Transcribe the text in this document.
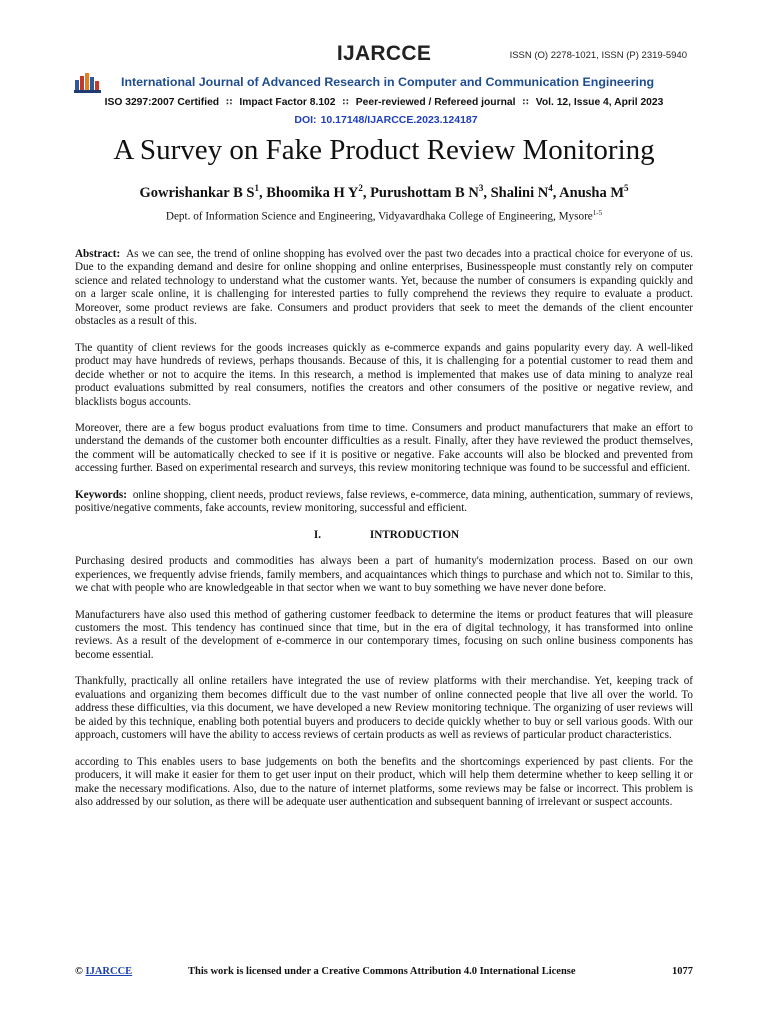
IJARCCE	ISSN (O) 2278-1021, ISSN (P) 2319-5940
International Journal of Advanced Research in Computer and Communication Engineering
ISO 3297:2007 Certified ∷ Impact Factor 8.102 ∷ Peer-reviewed / Refereed journal ∷ Vol. 12, Issue 4, April 2023
DOI: 10.17148/IJARCCE.2023.124187
A Survey on Fake Product Review Monitoring
Gowrishankar B $S^1$, Bhoomika H $Y^2$, Purushottam B $N^3$, Shalini $N^4$, Anusha $M^5$
Dept. of Information Science and Engineering, Vidyavardhaka College of Engineering, Mysore$^{1-5}$

Abstract: As we can see, the trend of online shopping has evolved over the past two decades into a practical choice for everyone of us. Due to the expanding demand and desire for online shopping and online enterprises, Businesspeople must constantly rely on computer science and related technology to understand what the customer wants. Yet, because the number of consumers is expanding quickly and on a larger scale online, it is challenging for interested parties to fully comprehend the reviews they require to evaluate a product. Moreover, some product reviews are fake. Consumers and product providers that seek to meet the demands of the client encounter obstacles as a result of this.

The quantity of client reviews for the goods increases quickly as e-commerce expands and gains popularity every day. A well-liked product may have hundreds of reviews, perhaps thousands. Because of this, it is challenging for a potential customer to read them and decide whether or not to acquire the items. In this research, a method is implemented that makes use of data mining to analyze real product evaluations submitted by real consumers, notifies the creators and other consumers of the positive or negative review, and blacklists bogus accounts.

Moreover, there are a few bogus product evaluations from time to time. Consumers and product manufacturers that make an effort to understand the demands of the customer both encounter difficulties as a result. Finally, after they have reviewed the product themselves, the comment will be automatically checked to see if it is positive or negative. Fake accounts will also be blocked and prevented from accessing further. Based on experimental research and surveys, this review monitoring technique was found to be successful and efficient.

Keywords: online shopping, client needs, product reviews, false reviews, e-commerce, data mining, authentication, summary of reviews, positive/negative comments, fake accounts, review monitoring, successful and efficient.

I.	INTRODUCTION

Purchasing desired products and commodities has always been a part of humanity's modernization process. Based on our own experiences, we frequently advise friends, family members, and acquaintances which things to purchase and which not to. Similar to this, we chat with people who are knowledgeable in that sector when we want to buy something we have never done before.

Manufacturers have also used this method of gathering customer feedback to determine the items or product features that will pleasure customers the most. This tendency has continued since that time, but in the era of digital technology, it has transformed into online reviews. As a result of the development of e-commerce in our contemporary times, focusing on such online business components has become essential.

Thankfully, practically all online retailers have integrated the use of review platforms with their merchandise. Yet, keeping track of evaluations and organizing them becomes difficult due to the vast number of online connected people that live all over the world. To address these difficulties, via this document, we have developed a new Review monitoring technique. The organizing of user reviews will be aided by this technique, enabling both potential buyers and producers to decide quickly whether to buy or sell various goods. With our approach, customers will have the ability to access reviews of certain products as well as reviews of particular product characteristics.

according to This enables users to base judgements on both the benefits and the shortcomings experienced by past clients. For the producers, it will make it easier for them to get user input on their product, which will help them determine whether to keep selling it or make the necessary modifications. Also, due to the nature of internet platforms, some reviews may be false or incorrect. This problem is also addressed by our solution, as there will be adequate user authentication and subsequent banning of irrelevant or suspect accounts.

© IJARCCE	This work is licensed under a Creative Commons Attribution 4.0 International License	1077
